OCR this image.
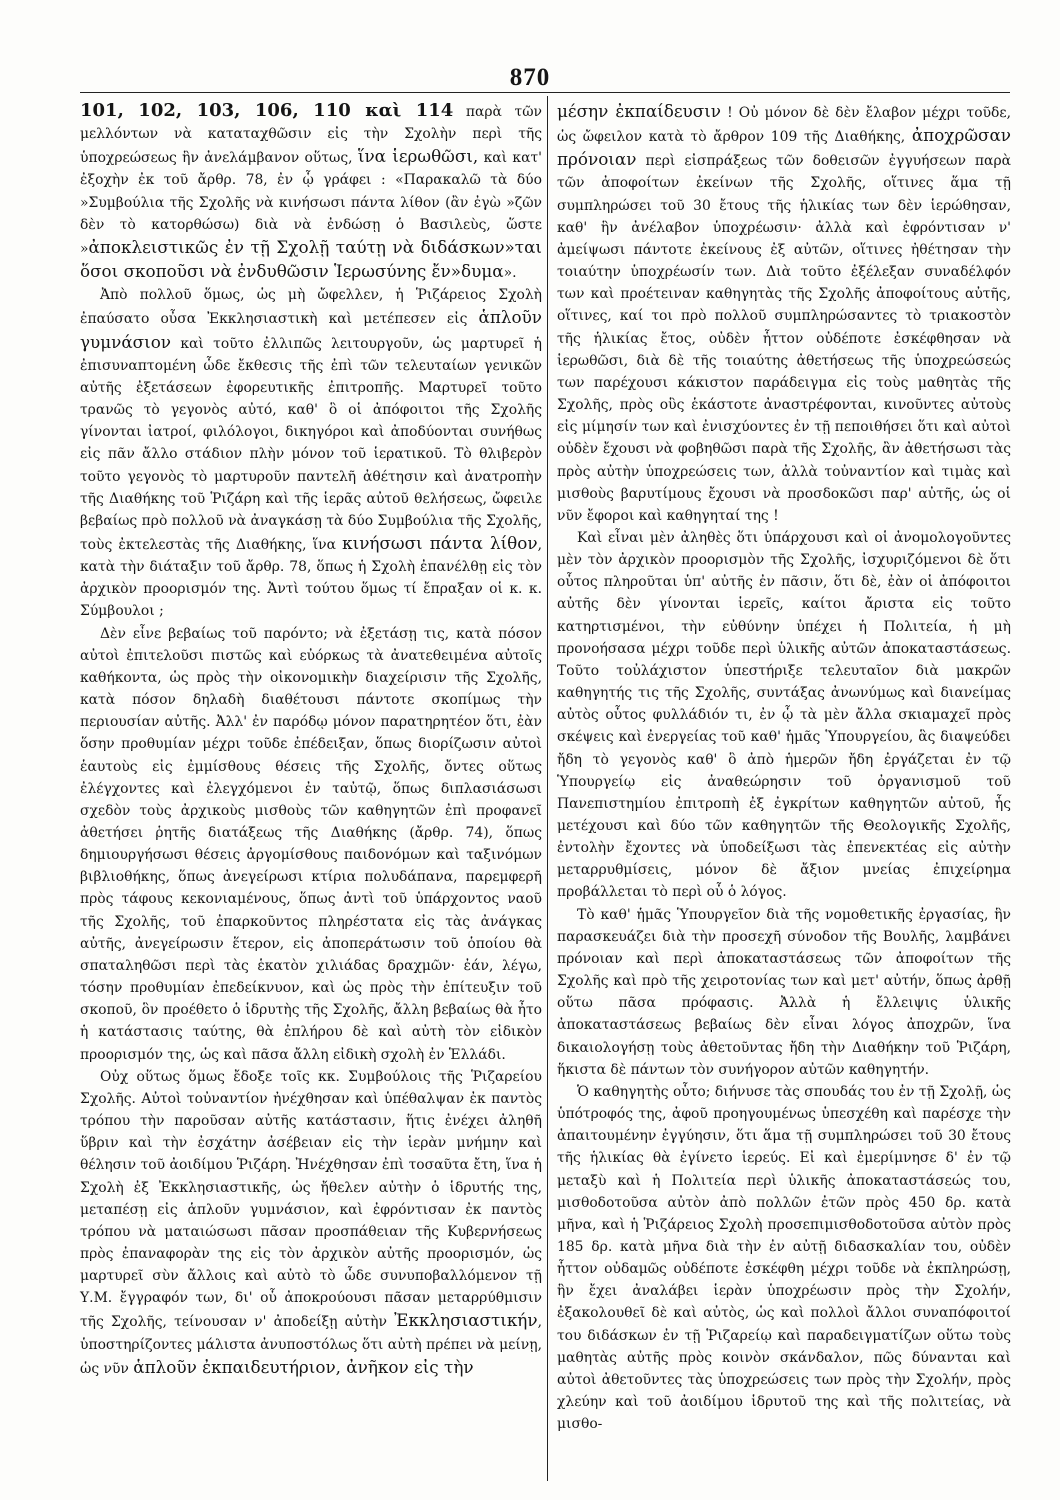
870

101, 102, 103, 106, 110 καὶ 114 παρὰ τῶν μελλόντων νὰ καταταχθῶσιν εἰς τὴν Σχολὴν περὶ τῆς ὑποχρεώσεως ἣν ἀνελάμβανον οὕτως, ἵνα ἱερωθῶσι, καὶ κατ' ἐξοχὴν ἐκ τοῦ ἄρθρ. 78, ἐν ᾧ γράφει : «Παρακαλῶ τὰ δύο »Συμβούλια τῆς Σχολῆς νὰ κινήσωσι πάντα λίθον (ἂν ἐγὼ »ζῶν δὲν τὸ κατορθώσω) διὰ νὰ ἐνδώσῃ ὁ Βασιλεὺς, ὥστε »ἀποκλειστικῶς ἐν τῇ Σχολῇ ταύτῃ νὰ διδάσκων»ται ὅσοι σκοποῦσι νὰ ἐνδυθῶσιν Ἱερωσύνης ἔν»δυμα».

Ἀπὸ πολλοῦ ὅμως, ὡς μὴ ὤφελλεν, ἡ Ῥιζάρειος Σχολὴ ἐπαύσατο οὖσα Ἐκκλησιαστικὴ καὶ μετέπεσεν εἰς ἁπλοῦν γυμνάσιον καὶ τοῦτο ἐλλιπῶς λειτουργοῦν, ὡς μαρτυρεῖ ἡ ἐπισυναπτομένη ὧδε ἔκθεσις τῆς ἐπὶ τῶν τελευταίων γενικῶν αὐτῆς ἐξετάσεων ἐφορευτικῆς ἐπιτροπῆς. Μαρτυρεῖ τοῦτο τρανῶς τὸ γεγονὸς αὐτό, καθ' ὃ οἱ ἀπόφοιτοι τῆς Σχολῆς γίνονται ἰατροί, φιλόλογοι, δικηγόροι καὶ ἀποδύονται συνήθως εἰς πᾶν ἄλλο στάδιον πλὴν μόνον τοῦ ἱερατικοῦ. Τὸ θλιβερὸν τοῦτο γεγονὸς τὸ μαρτυροῦν παντελῆ ἀθέτησιν καὶ ἀνατροπὴν τῆς Διαθήκης τοῦ Ῥιζάρη καὶ τῆς ἱερᾶς αὐτοῦ θελήσεως, ὤφειλε βεβαίως πρὸ πολλοῦ νὰ ἀναγκάσῃ τὰ δύο Συμβούλια τῆς Σχολῆς, τοὺς ἐκτελεστὰς τῆς Διαθήκης, ἵνα κινήσωσι πάντα λίθον, κατὰ τὴν διάταξιν τοῦ ἄρθρ. 78, ὅπως ἡ Σχολὴ ἐπανέλθῃ εἰς τὸν ἀρχικὸν προορισμόν της. Ἀντὶ τούτου ὅμως τί ἔπραξαν οἱ κ. κ. Σύμβουλοι ;

Δὲν εἶνε βεβαίως τοῦ παρόντο; νὰ ἐξετάσῃ τις, κατὰ πόσον αὐτοὶ ἐπιτελοῦσι πιστῶς καὶ εὐόρκως τὰ ἀνατεθειμένα αὐτοῖς καθήκοντα, ὡς πρὸς τὴν οἰκονομικὴν διαχείρισιν τῆς Σχολῆς, κατὰ πόσον δηλαδὴ διαθέτουσι πάντοτε σκοπίμως τὴν περιουσίαν αὐτῆς. Ἀλλ' ἐν παρόδῳ μόνον παρατηρητέον ὅτι, ἐὰν ὅσην προθυμίαν μέχρι τοῦδε ἐπέδειξαν, ὅπως διορίζωσιν αὐτοὶ ἑαυτοὺς εἰς ἐμμίσθους θέσεις τῆς Σχολῆς, ὄντες οὕτως ἐλέγχοντες καὶ ἐλεγχόμενοι ἐν ταὐτῷ, ὅπως διπλασιάσωσι σχεδὸν τοὺς ἀρχικοὺς μισθοὺς τῶν καθηγητῶν ἐπὶ προφανεῖ ἀθετήσει ῥητῆς διατάξεως τῆς Διαθήκης (ἄρθρ. 74), ὅπως δημιουργήσωσι θέσεις ἀργομίσθους παιδονόμων καὶ ταξινόμων βιβλιοθήκης, ὅπως ἀνεγείρωσι κτίρια πολυδάπανα, παρεμφερῆ πρὸς τάφους κεκονιαμένους, ὅπως ἀντὶ τοῦ ὑπάρχοντος ναοῦ τῆς Σχολῆς, τοῦ ἐπαρκοῦντος πληρέστατα εἰς τὰς ἀνάγκας αὐτῆς, ἀνεγείρωσιν ἕτερον, εἰς ἀποπεράτωσιν τοῦ ὁποίου θὰ σπαταληθῶσι περὶ τὰς ἑκατὸν χιλιάδας δραχμῶν· ἐάν, λέγω, τόσην προθυμίαν ἐπεδείκνυον, καὶ ὡς πρὸς τὴν ἐπίτευξιν τοῦ σκοποῦ, ὃν προέθετο ὁ ἱδρυτὴς τῆς Σχολῆς, ἄλλη βεβαίως θὰ ἦτο ἡ κατάστασις ταύτης, θὰ ἐπλήρου δὲ καὶ αὐτὴ τὸν εἰδικὸν προορισμόν της, ὡς καὶ πᾶσα ἄλλη εἰδικὴ σχολὴ ἐν Ἑλλάδι.

Οὐχ οὕτως ὅμως ἔδοξε τοῖς κκ. Συμβούλοις τῆς Ῥιζαρείου Σχολῆς. Αὐτοὶ τοὐναντίον ἠνέχθησαν καὶ ὑπέθαλψαν ἐκ παντὸς τρόπου τὴν παροῦσαν αὐτῆς κατάστασιν, ἥτις ἐνέχει ἀληθῆ ὕβριν καὶ τὴν ἐσχάτην ἀσέβειαν εἰς τὴν ἱερὰν μνήμην καὶ θέλησιν τοῦ ἀοιδίμου Ῥιζάρη. Ἠνέχθησαν ἐπὶ τοσαῦτα ἔτη, ἵνα ἡ Σχολὴ ἐξ Ἐκκλησιαστικῆς, ὡς ἤθελεν αὐτὴν ὁ ἱδρυτής της, μεταπέσῃ εἰς ἁπλοῦν γυμνάσιον, καὶ ἐφρόντισαν ἐκ παντὸς τρόπου νὰ ματαιώσωσι πᾶσαν προσπάθειαν τῆς Κυβερνήσεως πρὸς ἐπαναφορὰν της εἰς τὸν ἀρχικὸν αὐτῆς προορισμόν, ὡς μαρτυρεῖ σὺν ἄλλοις καὶ αὐτὸ τὸ ὧδε συνυποβαλλόμενον τῇ Υ.Μ. ἔγγραφόν των, δι' οὗ ἀποκρούουσι πᾶσαν μεταρρύθμισιν τῆς Σχολῆς, τείνουσαν ν' ἀποδείξῃ αὐτὴν Ἐκκλησιαστικήν, ὑποστηρίζοντες μάλιστα ἀνυποστόλως ὅτι αὐτὴ πρέπει νὰ μείνῃ, ὡς νῦν ἁπλοῦν ἐκπαιδευτήριον, ἀνῆκον εἰς τὴν

μέσην ἐκπαίδευσιν ! Οὐ μόνον δὲ δὲν ἔλαβον μέχρι τοῦδε, ὡς ὤφειλον κατὰ τὸ ἄρθρον 109 τῆς Διαθήκης, ἀποχρῶσαν πρόνοιαν περὶ εἰσπράξεως τῶν δοθεισῶν ἐγγυήσεων παρὰ τῶν ἀποφοίτων ἐκείνων τῆς Σχολῆς, οἵτινες ἅμα τῇ συμπληρώσει τοῦ 30 ἔτους τῆς ἡλικίας των δὲν ἱερώθησαν, καθ' ἣν ἀνέλαβον ὑποχρέωσιν· ἀλλὰ καὶ ἐφρόντισαν ν' ἀμείψωσι πάντοτε ἐκείνους ἐξ αὐτῶν, οἵτινες ἠθέτησαν τὴν τοιαύτην ὑποχρέωσίν των. Διὰ τοῦτο ἐξέλεξαν συναδέλφόν των καὶ προέτειναν καθηγητὰς τῆς Σχολῆς ἀποφοίτους αὐτῆς, οἵτινες, καί τοι πρὸ πολλοῦ συμπληρώσαντες τὸ τριακοστὸν τῆς ἡλικίας ἔτος, οὐδὲν ἧττον οὐδέποτε ἐσκέφθησαν νὰ ἱερωθῶσι, διὰ δὲ τῆς τοιαύτης ἀθετήσεως τῆς ὑποχρεώσεώς των παρέχουσι κάκιστον παράδειγμα εἰς τοὺς μαθητὰς τῆς Σχολῆς, πρὸς οὓς ἑκάστοτε ἀναστρέφονται, κινοῦντες αὐτοὺς εἰς μίμησίν των καὶ ἐνισχύοντες ἐν τῇ πεποιθήσει ὅτι καὶ αὐτοὶ οὐδὲν ἔχουσι νὰ φοβηθῶσι παρὰ τῆς Σχολῆς, ἂν ἀθετήσωσι τὰς πρὸς αὐτὴν ὑποχρεώσεις των, ἀλλὰ τοὐναντίον καὶ τιμὰς καὶ μισθοὺς βαρυτίμους ἔχουσι νὰ προσδοκῶσι παρ' αὐτῆς, ὡς οἱ νῦν ἔφοροι καὶ καθηγηταί της !

Καὶ εἶναι μὲν ἀληθὲς ὅτι ὑπάρχουσι καὶ οἱ ἀνομολογοῦντες μὲν τὸν ἀρχικὸν προορισμὸν τῆς Σχολῆς, ἰσχυριζόμενοι δὲ ὅτι οὗτος πληροῦται ὑπ' αὐτῆς ἐν πᾶσιν, ὅτι δὲ, ἐὰν οἱ ἀπόφοιτοι αὐτῆς δὲν γίνονται ἱερεῖς, καίτοι ἄριστα εἰς τοῦτο κατηρτισμένοι, τὴν εὐθύνην ὑπέχει ἡ Πολιτεία, ἡ μὴ προνοήσασα μέχρι τοῦδε περὶ ὑλικῆς αὐτῶν ἀποκαταστάσεως. Τοῦτο τοὐλάχιστον ὑπεστήριξε τελευταῖον διὰ μακρῶν καθηγητής τις τῆς Σχολῆς, συντάξας ἀνωνύμως καὶ διανείμας αὐτὸς οὗτος φυλλάδιόν τι, ἐν ᾧ τὰ μὲν ἄλλα σκιαμαχεῖ πρὸς σκέψεις καὶ ἐνεργείας τοῦ καθ' ἡμᾶς Ὑπουργείου, ἃς διαψεύδει ἤδη τὸ γεγονὸς καθ' ὃ ἀπὸ ἡμερῶν ἤδη ἐργάζεται ἐν τῷ Ὑπουργείῳ εἰς ἀναθεώρησιν τοῦ ὀργανισμοῦ τοῦ Πανεπιστημίου ἐπιτροπὴ ἐξ ἐγκρίτων καθηγητῶν αὐτοῦ, ἧς μετέχουσι καὶ δύο τῶν καθηγητῶν τῆς Θεολογικῆς Σχολῆς, ἐντολὴν ἔχοντες νὰ ὑποδείξωσι τὰς ἐπενεκτέας εἰς αὐτὴν μεταρρυθμίσεις, μόνον δὲ ἄξιον μνείας ἐπιχείρημα προβάλλεται τὸ περὶ οὗ ὁ λόγος.

Τὸ καθ' ἡμᾶς Ὑπουργεῖον διὰ τῆς νομοθετικῆς ἐργασίας, ἣν παρασκευάζει διὰ τὴν προσεχῆ σύνοδον τῆς Βουλῆς, λαμβάνει πρόνοιαν καὶ περὶ ἀποκαταστάσεως τῶν ἀποφοίτων τῆς Σχολῆς καὶ πρὸ τῆς χειροτονίας των καὶ μετ' αὐτήν, ὅπως ἀρθῇ οὕτω πᾶσα πρόφασις. Ἀλλὰ ἡ ἔλλειψις ὑλικῆς ἀποκαταστάσεως βεβαίως δὲν εἶναι λόγος ἀποχρῶν, ἵνα δικαιολογήσῃ τοὺς ἀθετοῦντας ἤδη τὴν Διαθήκην τοῦ Ῥιζάρη, ἥκιστα δὲ πάντων τὸν συνήγορον αὐτῶν καθηγητήν.

Ὁ καθηγητὴς οὗτο; διήνυσε τὰς σπουδάς του ἐν τῇ Σχολῇ, ὡς ὑπότροφός της, ἀφοῦ προηγουμένως ὑπεσχέθη καὶ παρέσχε τὴν ἀπαιτουμένην ἐγγύησιν, ὅτι ἅμα τῇ συμπληρώσει τοῦ 30 ἔτους τῆς ἡλικίας θὰ ἐγίνετο ἱερεύς. Εἰ καὶ ἐμερίμνησε δ' ἐν τῷ μεταξὺ καὶ ἡ Πολιτεία περὶ ὑλικῆς ἀποκαταστάσεώς του, μισθοδοτοῦσα αὐτὸν ἀπὸ πολλῶν ἐτῶν πρὸς 450 δρ. κατὰ μῆνα, καὶ ἡ Ῥιζάρειος Σχολὴ προσεπιμισθοδοτοῦσα αὐτὸν πρὸς 185 δρ. κατὰ μῆνα διὰ τὴν ἐν αὐτῇ διδασκαλίαν του, οὐδὲν ἧττον οὐδαμῶς οὐδέποτε ἐσκέφθη μέχρι τοῦδε νὰ ἐκπληρώσῃ, ἣν ἔχει ἀναλάβει ἱερὰν ὑποχρέωσιν πρὸς τὴν Σχολήν, ἐξακολουθεῖ δὲ καὶ αὐτὸς, ὡς καὶ πολλοὶ ἄλλοι συναπόφοιτοί του διδάσκων ἐν τῇ Ῥιζαρείῳ καὶ παραδειγματίζων οὕτω τοὺς μαθητὰς αὐτῆς πρὸς κοινὸν σκάνδαλον, πῶς δύνανται καὶ αὐτοὶ ἀθετοῦντες τὰς ὑποχρεώσεις των πρὸς τὴν Σχολήν, πρὸς χλεύην καὶ τοῦ ἀοιδίμου ἱδρυτοῦ της καὶ τῆς πολιτείας, νὰ μισθο-
